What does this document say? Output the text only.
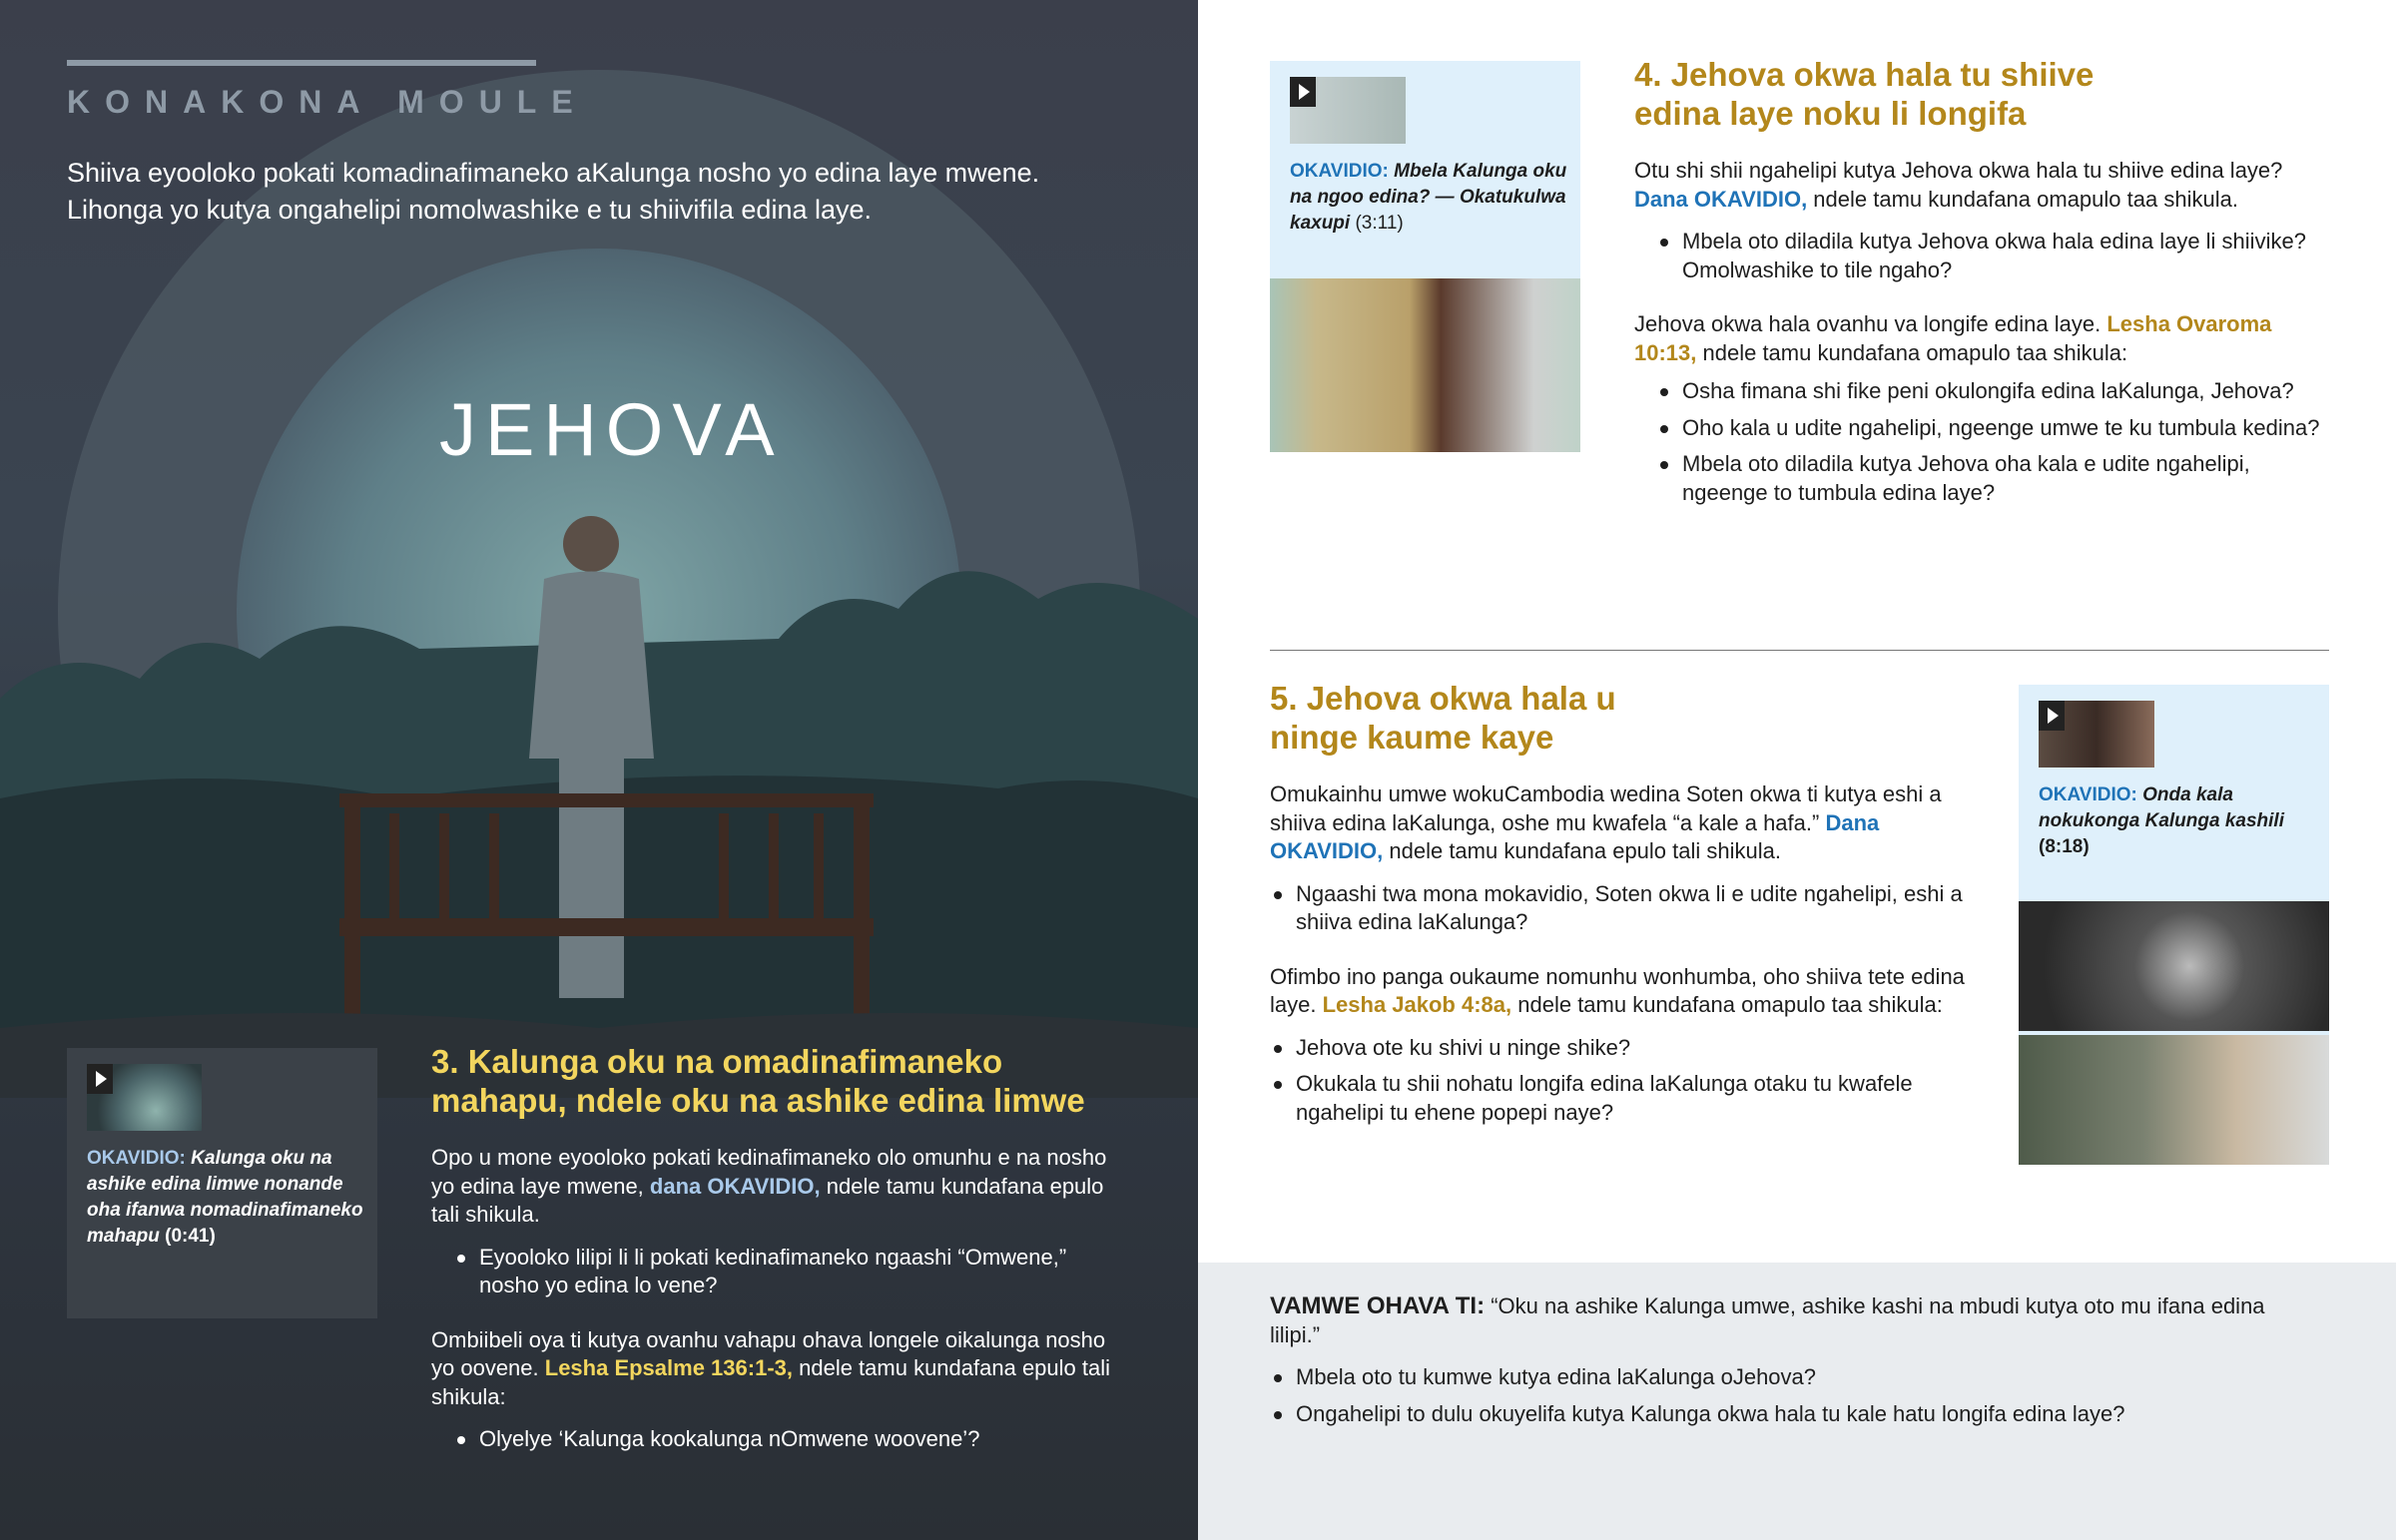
KONAKONA MOULE
Shiiva eyooloko pokati komadinafimaneko aKalunga nosho yo edina laye mwene. Lihonga yo kutya ongahelipi nomolwashike e tu shiivifila edina laye.
JEHOVA
OKAVIDIO: Kalunga oku na ashike edina limwe nonande oha ifanwa nomadinafimaneko mahapu (0:41)
3. Kalunga oku na omadinafimaneko mahapu, ndele oku na ashike edina limwe
Opo u mone eyooloko pokati kedinafimaneko olo omunhu e na nosho yo edina laye mwene, dana OKAVIDIO, ndele tamu kundafana epulo tali shikula.
Eyooloko lilipi li li pokati kedinafimaneko ngaashi “Omwene,” nosho yo edina lo vene?
Ombiibeli oya ti kutya ovanhu vahapu ohava longele oikalunga nosho yo oovene. Lesha Epsalme 136:1-3, ndele tamu kundafana epulo tali shikula:
Olyelye ‘Kalunga kookalunga nOmwene woovene’?
OKAVIDIO: Mbela Kalunga oku na ngoo edina? — Okatukulwa kaxupi (3:11)
4. Jehova okwa hala tu shiive edina laye noku li longifa
Otu shi shii ngahelipi kutya Jehova okwa hala tu shiive edina laye? Dana OKAVIDIO, ndele tamu kundafana omapulo taa shikula.
Mbela oto diladila kutya Jehova okwa hala edina laye li shiivike? Omolwashike to tile ngaho?
Jehova okwa hala ovanhu va longife edina laye. Lesha Ovaroma 10:13, ndele tamu kundafana omapulo taa shikula:
Osha fimana shi fike peni okulongifa edina laKalunga, Jehova?
Oho kala u udite ngahelipi, ngeenge umwe te ku tumbula kedina?
Mbela oto diladila kutya Jehova oha kala e udite ngahelipi, ngeenge to tumbula edina laye?
5. Jehova okwa hala u ninge kaume kaye
Omukainhu umwe wokuCambodia wedina Soten okwa ti kutya eshi a shiiva edina laKalunga, oshe mu kwafela “a kale a hafa.” Dana OKAVIDIO, ndele tamu kundafana epulo tali shikula.
Ngaashi twa mona mokavidio, Soten okwa li e udite ngahelipi, eshi a shiiva edina laKalunga?
Ofimbo ino panga oukaume nomunhu wonhumba, oho shiiva tete edina laye. Lesha Jakob 4:8a, ndele tamu kundafana omapulo taa shikula:
Jehova ote ku shivi u ninge shike?
Okukala tu shii nohatu longifa edina laKalunga otaku tu kwafele ngahelipi tu ehene popepi naye?
OKAVIDIO: Onda kala nokukonga Kalunga kashili (8:18)
VAMWE OHAVA TI: “Oku na ashike Kalunga umwe, ashike kashi na mbudi kutya oto mu ifana edina lilipi.”
Mbela oto tu kumwe kutya edina laKalunga oJehova?
Ongahelipi to dulu okuyelifa kutya Kalunga okwa hala tu kale hatu longifa edina laye?
